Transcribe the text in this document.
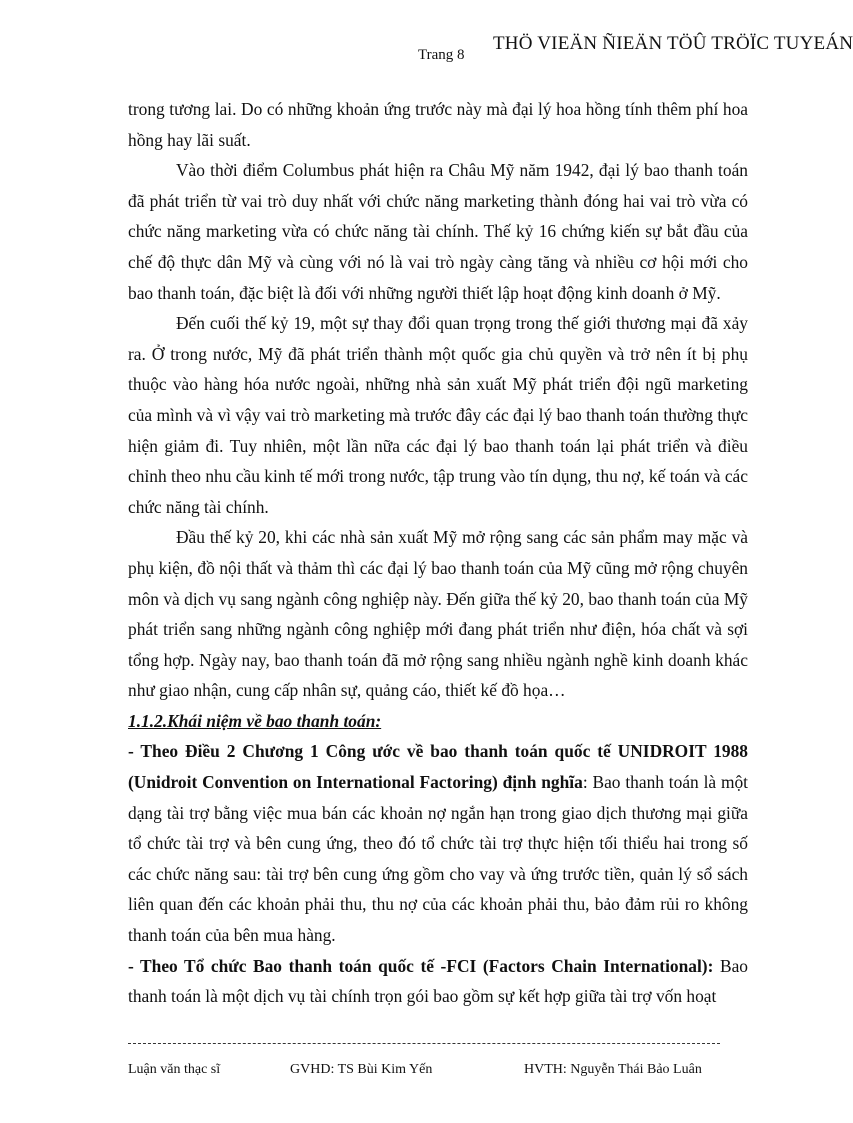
Trang 8
THÖ VIEÄN ÑIEÄN TÖÛ TRÖÏC TUYEÁN

trong tương lai. Do có những khoản ứng trước này mà đại lý hoa hồng tính thêm phí hoa hồng hay lãi suất.

Vào thời điểm Columbus phát hiện ra Châu Mỹ năm 1942, đại lý bao thanh toán đã phát triển từ vai trò duy nhất với chức năng marketing thành đóng hai vai trò vừa có chức năng marketing vừa có chức năng tài chính. Thế kỷ 16 chứng kiến sự bắt đầu của chế độ thực dân Mỹ và cùng với nó là vai trò ngày càng tăng và nhiều cơ hội mới cho bao thanh toán, đặc biệt là đối với những người thiết lập hoạt động kinh doanh ở Mỹ.

Đến cuối thế kỷ 19, một sự thay đổi quan trọng trong thế giới thương mại đã xảy ra. Ở trong nước, Mỹ đã phát triển thành một quốc gia chủ quyền và trở nên ít bị phụ thuộc vào hàng hóa nước ngoài, những nhà sản xuất Mỹ phát triển đội ngũ marketing của mình và vì vậy vai trò marketing mà trước đây các đại lý bao thanh toán thường thực hiện giảm đi. Tuy nhiên, một lần nữa các đại lý bao thanh toán lại phát triển và điều chỉnh theo nhu cầu kinh tế mới trong nước, tập trung vào tín dụng, thu nợ, kế toán và các chức năng tài chính.

Đầu thế kỷ 20, khi các nhà sản xuất Mỹ mở rộng sang các sản phẩm may mặc và phụ kiện, đồ nội thất và thảm thì các đại lý bao thanh toán của Mỹ cũng mở rộng chuyên môn và dịch vụ sang ngành công nghiệp này. Đến giữa thế kỷ 20, bao thanh toán của Mỹ phát triển sang những ngành công nghiệp mới đang phát triển như điện, hóa chất và sợi tổng hợp. Ngày nay, bao thanh toán đã mở rộng sang nhiều ngành nghề kinh doanh khác như giao nhận, cung cấp nhân sự, quảng cáo, thiết kế đồ họa…

1.1.2.Khái niệm về bao thanh toán:

- Theo Điều 2 Chương 1 Công ước về bao thanh toán quốc tế UNIDROIT 1988 (Unidroit Convention on International Factoring) định nghĩa: Bao thanh toán là một dạng tài trợ bằng việc mua bán các khoản nợ ngắn hạn trong giao dịch thương mại giữa tổ chức tài trợ và bên cung ứng, theo đó tổ chức tài trợ thực hiện tối thiểu hai trong số các chức năng sau: tài trợ bên cung ứng gồm cho vay và ứng trước tiền, quản lý sổ sách liên quan đến các khoản phải thu, thu nợ của các khoản phải thu, bảo đảm rủi ro không thanh toán của bên mua hàng.

- Theo Tổ chức Bao thanh toán quốc tế -FCI (Factors Chain International): Bao thanh toán là một dịch vụ tài chính trọn gói bao gồm sự kết hợp giữa tài trợ vốn hoạt

Luận văn thạc sĩ	GVHD: TS Bùi Kim Yến	HVTH: Nguyễn Thái Bảo Luân
